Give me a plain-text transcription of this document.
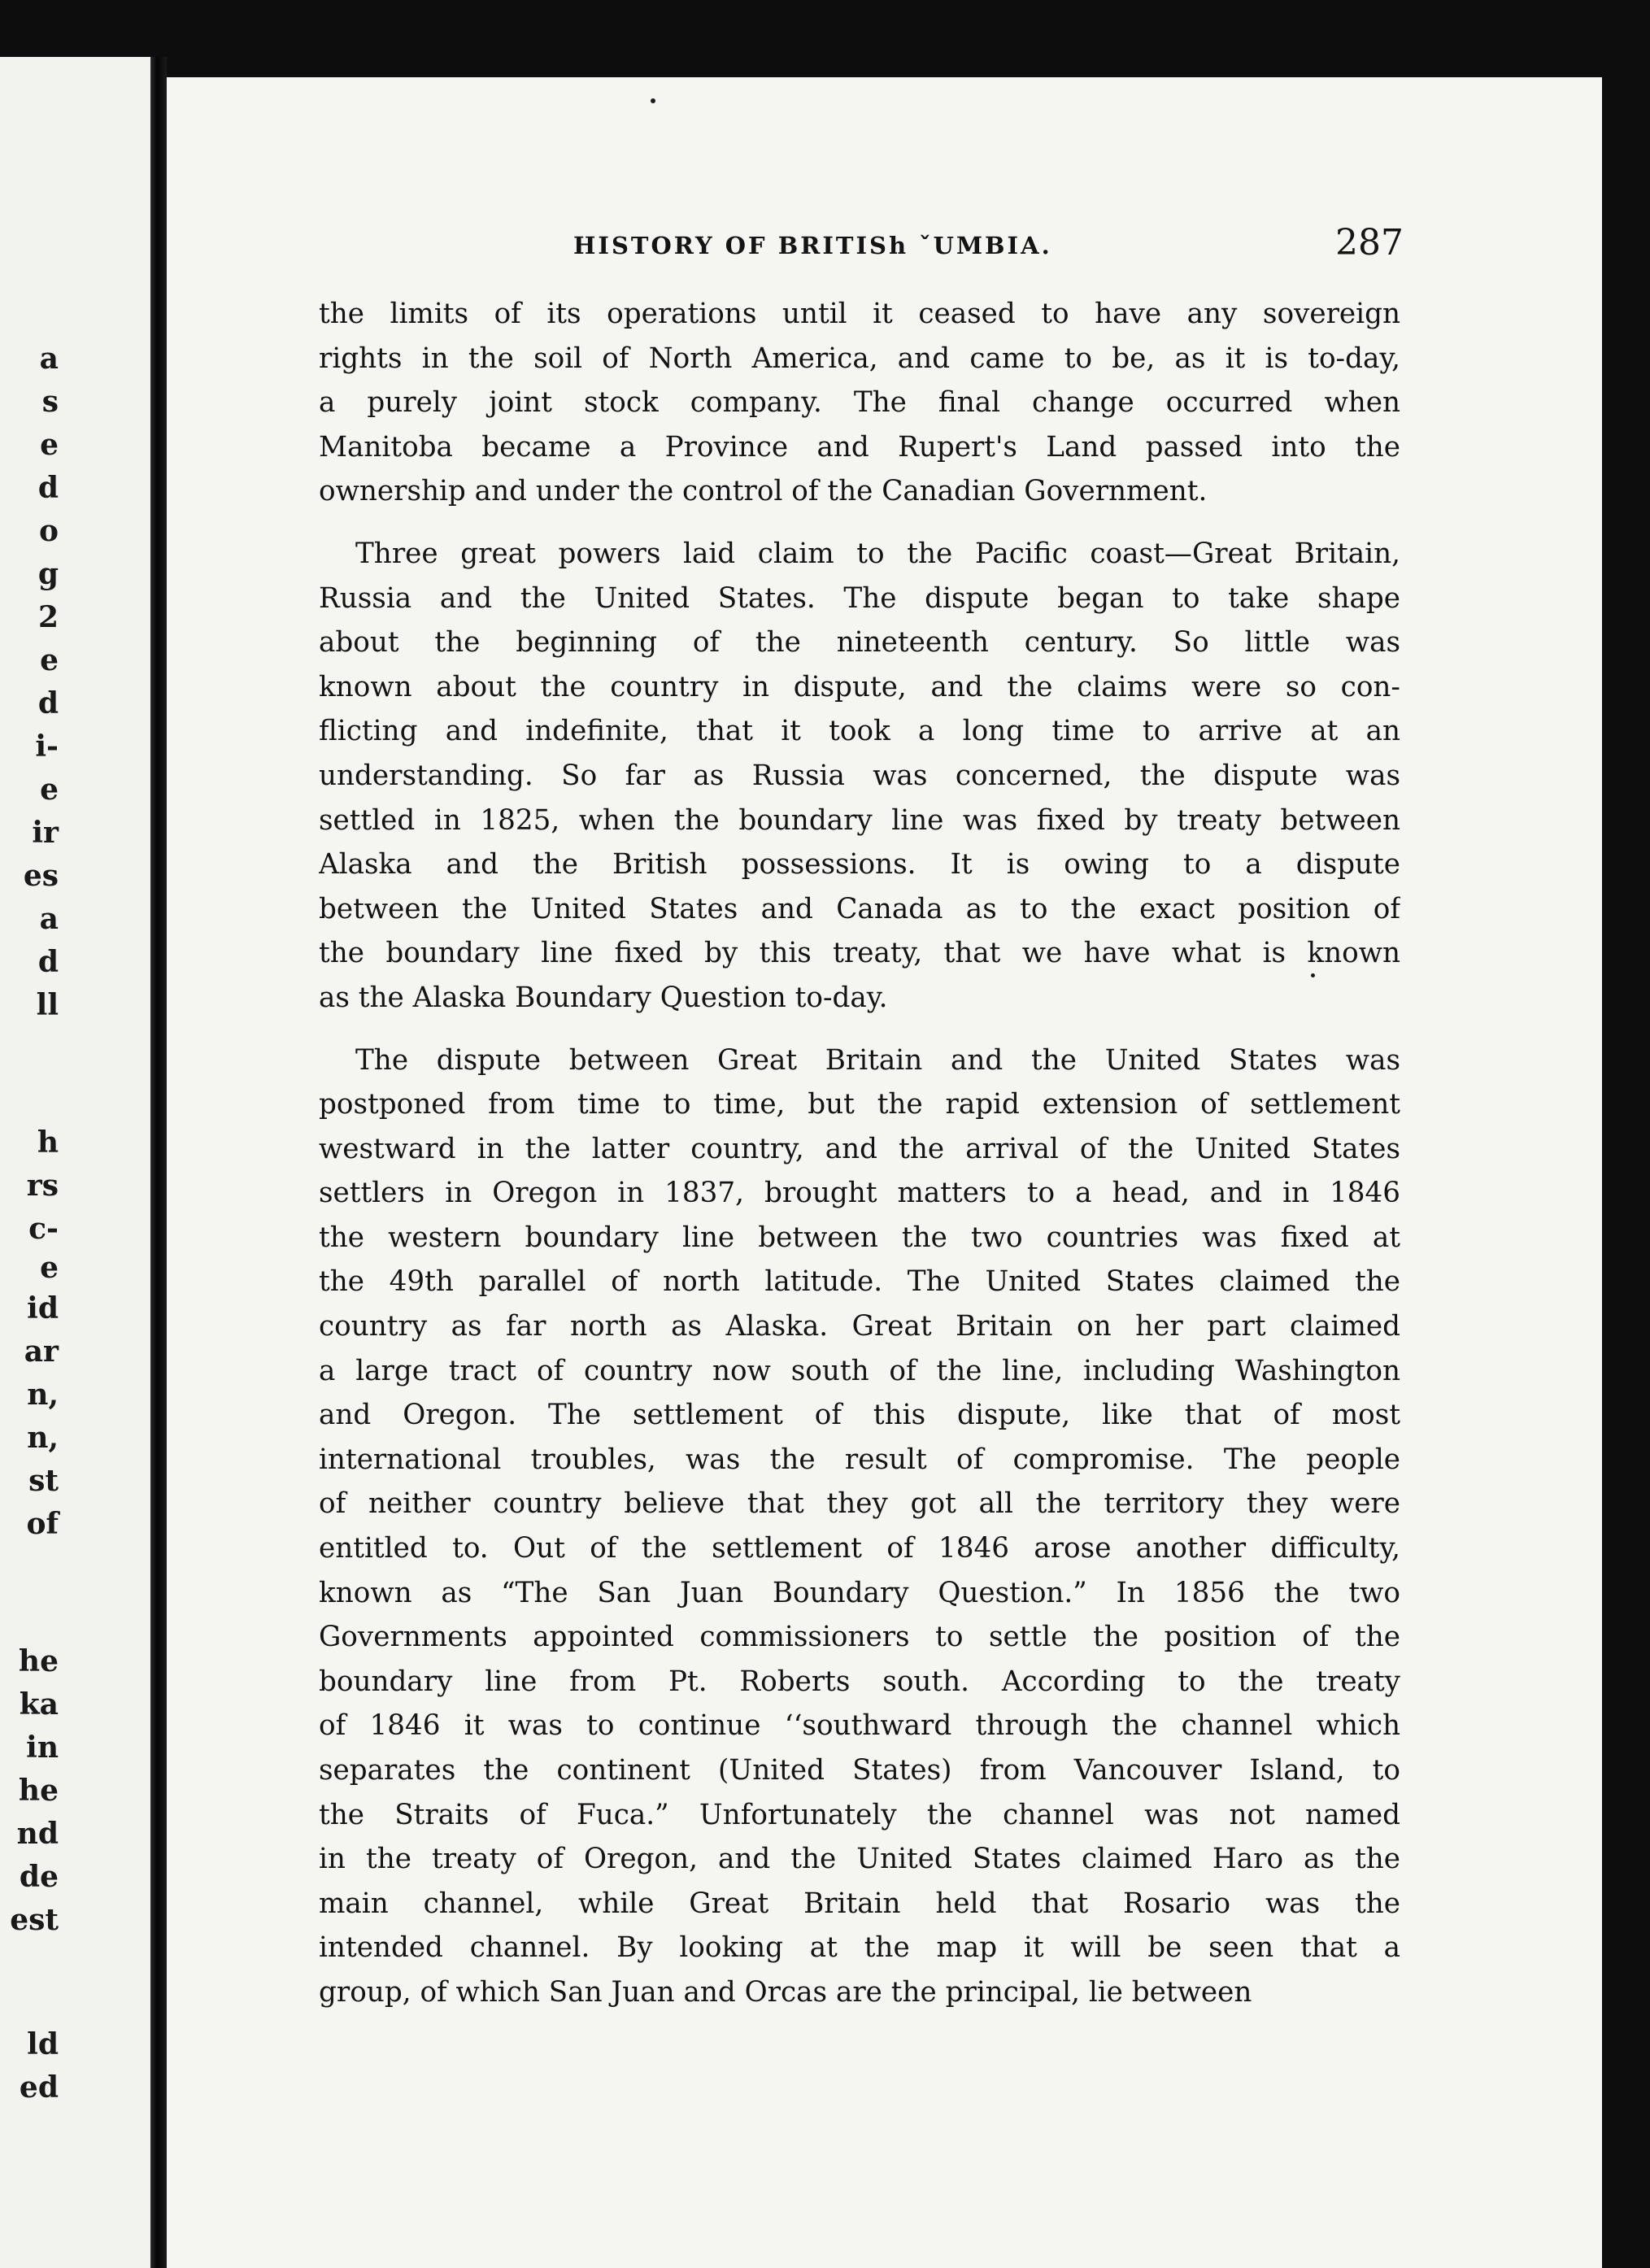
a
s
e
d
o
g
2
e
d
i-
e
ir
es
a
d
ll
h
rs
c-
e
id
ar
n,
n,
st
of
he
ka
in
he
nd
de
est
ld
ed
HISTORY OF BRITISh ˇUMBIA.	287
the limits of its operations until it ceased to have any sovereign
rights in the soil of North America, and came to be, as it is to-day,
a purely joint stock company. The final change occurred when
Manitoba became a Province and Rupert's Land passed into the
ownership and under the control of the Canadian Government.
Three great powers laid claim to the Pacific coast—Great Britain,
Russia and the United States. The dispute began to take shape
about the beginning of the nineteenth century. So little was
known about the country in dispute, and the claims were so con-
flicting and indefinite, that it took a long time to arrive at an
understanding. So far as Russia was concerned, the dispute was
settled in 1825, when the boundary line was fixed by treaty between
Alaska and the British possessions. It is owing to a dispute
between the United States and Canada as to the exact position of
the boundary line fixed by this treaty, that we have what is known
as the Alaska Boundary Question to-day.
The dispute between Great Britain and the United States was
postponed from time to time, but the rapid extension of settlement
westward in the latter country, and the arrival of the United States
settlers in Oregon in 1837, brought matters to a head, and in 1846
the western boundary line between the two countries was fixed at
the 49th parallel of north latitude. The United States claimed the
country as far north as Alaska. Great Britain on her part claimed
a large tract of country now south of the line, including Washington
and Oregon. The settlement of this dispute, like that of most
international troubles, was the result of compromise. The people
of neither country believe that they got all the territory they were
entitled to. Out of the settlement of 1846 arose another difficulty,
known as “The San Juan Boundary Question.” In 1856 the two
Governments appointed commissioners to settle the position of the
boundary line from Pt. Roberts south. According to the treaty
of 1846 it was to continue ‘‘southward through the channel which
separates the continent (United States) from Vancouver Island, to
the Straits of Fuca.” Unfortunately the channel was not named
in the treaty of Oregon, and the United States claimed Haro as the
main channel, while Great Britain held that Rosario was the
intended channel. By looking at the map it will be seen that a
group, of which San Juan and Orcas are the principal, lie between
